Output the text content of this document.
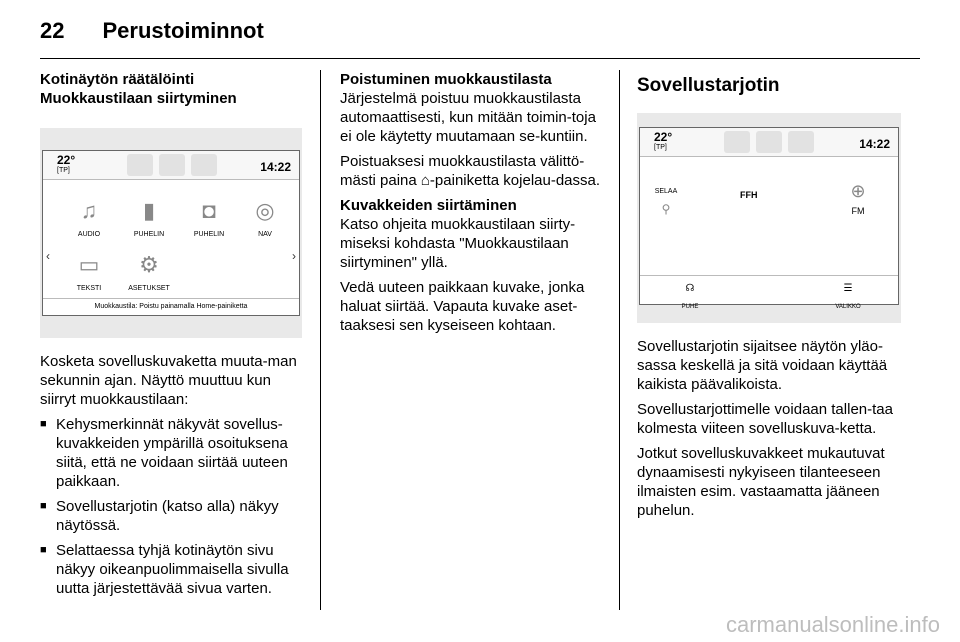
22 Perustoiminnot

Kotinäytön räätälöinti

Muokkaustilaan siirtyminen

22°
[TP]	14:22
‹	›
♫
AUDIO
▮
PUHELIN
◘
PUHELIN
◎
NAV
▭
TEKSTI
⚙
ASETUKSET
Muokkaustila: Poistu painamalla Home-painiketta

Kosketa sovelluskuvaketta muuta-man sekunnin ajan. Näyttö muuttuu kun siirryt muokkaustilaan:

■ Kehysmerkinnät näkyvät sovellus-kuvakkeiden ympärillä osoituksena siitä, että ne voidaan siirtää uuteen paikkaan.
■ Sovellustarjotin (katso alla) näkyy näytössä.
■ Selattaessa tyhjä kotinäytön sivu näkyy oikeanpuolimmaisella sivulla uutta järjestettävää sivua varten.

Poistuminen muokkaustilasta

Järjestelmä poistuu muokkaustilasta automaattisesti, kun mitään toimin-toja ei ole käytetty muutamaan se-kuntiin.

Poistuaksesi muokkaustilasta välittö-mästi paina ⌂-painiketta kojelau-dassa.

Kuvakkeiden siirtäminen

Katso ohjeita muokkaustilaan siirty-miseksi kohdasta "Muokkaustilaan siirtyminen" yllä.

Vedä uuteen paikkaan kuvake, jonka haluat siirtää. Vapauta kuvake aset-taaksesi sen kyseiseen kohtaan.

Sovellustarjotin

22°
[TP]	14:22
SELAA
⚲
FFH	⊕
FM
☊
PUHE
☰
VALIKKO

Sovellustarjotin sijaitsee näytön yläo-sassa keskellä ja sitä voidaan käyttää kaikista päävalikoista.

Sovellustarjottimelle voidaan tallen-taa kolmesta viiteen sovelluskuva-ketta.

Jotkut sovelluskuvakkeet mukautuvat dynaamisesti nykyiseen tilanteeseen ilmaisten esim. vastaamatta jääneen puhelun.

carmanualsonline.info
